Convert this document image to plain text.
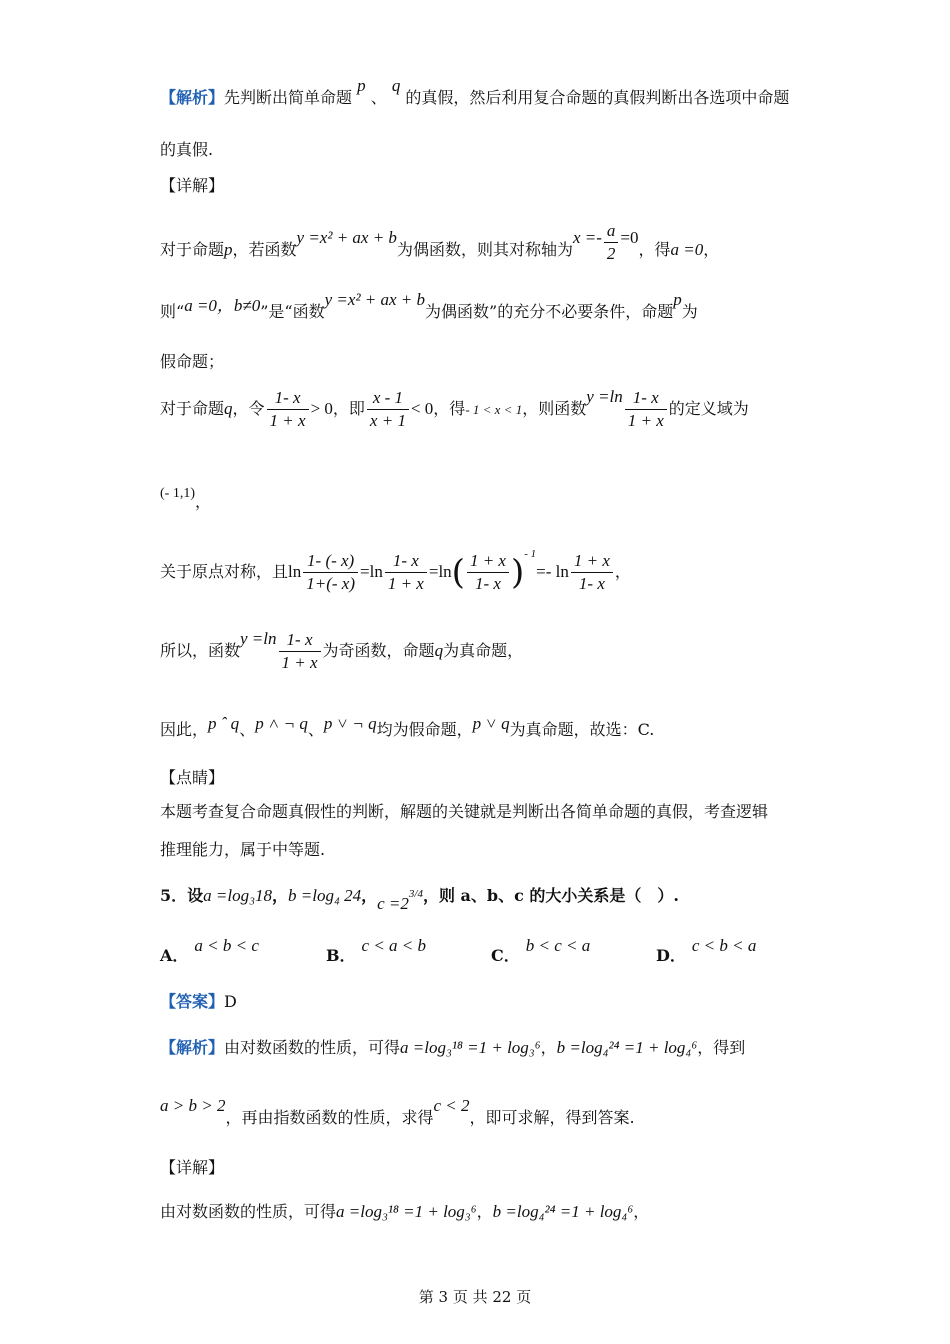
【解析】先判断出简单命题 p 、 q 的真假，然后利用复合命题的真假判断出各选项中命题
的真假.
【详解】
对于命题p，若函数y =x² + ax + b为偶函数，则其对称轴为$x =- \frac{a}{2} =0$，得a =0，
则“a =0，b≠0”是“函数y =x² + ax + b为偶函数”的充分不必要条件，命题p为
假命题；
对于命题q，令 $\frac{1- x}{1 + x} > 0$，即 $\frac{x - 1}{x + 1} < 0$，得- 1 < x < 1，则函数$y =\ln \frac{1- x}{1 + x}$ 的定义域为
(- 1,1)，
关于原点对称，且$\ln \frac{1- (- x)}{1+(- x)} =\ln \frac{1- x}{1 + x} =\ln( \frac{1 + x}{1- x} )^{- 1}=-$ $\ln \frac{1 + x}{1- x}$ ，
所以，函数$y =\ln \frac{1- x}{1 + x}$ 为奇函数，命题q为真命题，
因此，p ˆ q、p ˄ ¬ q、p ˅ ¬ q均为假命题，p ˅ q为真命题，故选：C.
【点睛】
本题考查复合命题真假性的判断，解题的关键就是判断出各简单命题的真假，考查逻辑
推理能力，属于中等题.
5．设a =log₃18，b =log₄ 24，$c =2^{3/4}$，则 a、b、c 的大小关系是（　）.
A．a < b < c
B．c < a < b
C．b < c < a
D．c < b < a
【答案】D
【解析】由对数函数的性质，可得a =log₃¹⁸ =1 + log₃⁶，b =log₄²⁴ =1 + log₄⁶，得到
a > b > 2，再由指数函数的性质，求得c < 2，即可求解，得到答案.
【详解】
由对数函数的性质，可得a =log₃¹⁸ =1 + log₃⁶，b =log₄²⁴ =1 + log₄⁶，
第 3 页 共 22 页
